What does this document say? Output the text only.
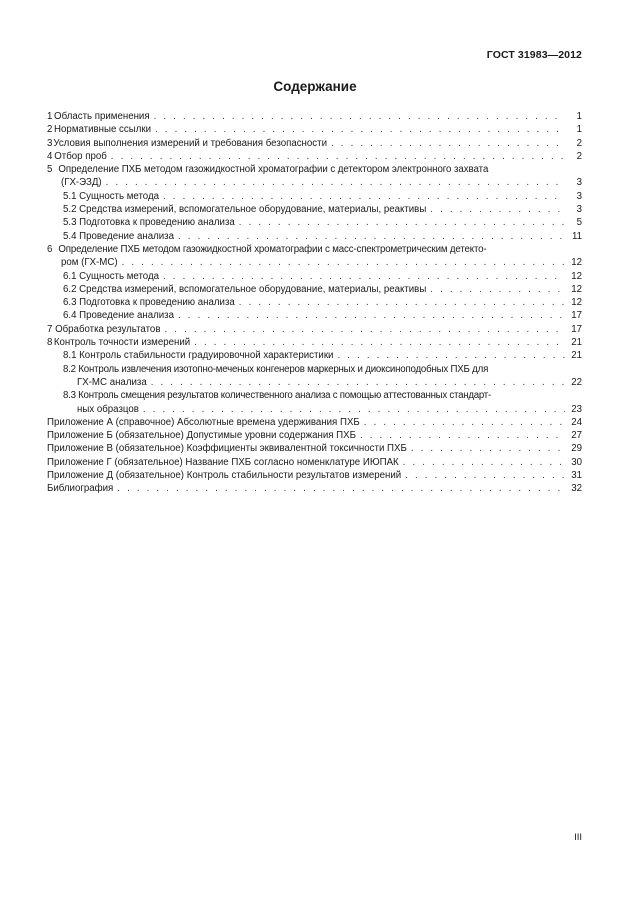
ГОСТ 31983—2012
Содержание
1 Область применения . . .	1
2 Нормативные ссылки . . .	1
3 Условия выполнения измерений и требования безопасности . . .	2
4 Отбор проб . . .	2
5 Определение ПХБ методом газожидкостной хроматографии с детектором электронного захвата
(ГХ-ЭЗД) . . .	3
5.1 Сущность метода . . .	3
5.2 Средства измерений, вспомогательное оборудование, материалы, реактивы . . .	3
5.3 Подготовка к проведению анализа . . .	5
5.4 Проведение анализа . . .	11
6 Определение ПХБ методом газожидкостной хроматографии с масс-спектрометрическим детекто-
ром (ГХ-МС) . . .	12
6.1 Сущность метода . . .	12
6.2 Средства измерений, вспомогательное оборудование, материалы, реактивы . . .	12
6.3 Подготовка к проведению анализа . . .	12
6.4 Проведение анализа . . .	17
7 Обработка результатов . . .	17
8 Контроль точности измерений . . .	21
8.1 Контроль стабильности градуировочной характеристики . . .	21
8.2 Контроль извлечения изотопно-меченых конгенеров маркерных и диоксиноподобных ПХБ для
ГХ-МС анализа . . .	22
8.3 Контроль смещения результатов количественного анализа с помощью аттестованных стандарт-
ных образцов . . .	23
Приложение А (справочное) Абсолютные времена удерживания ПХБ . . .	24
Приложение Б (обязательное) Допустимые уровни содержания ПХБ . . .	27
Приложение В (обязательное) Коэффициенты эквивалентной токсичности ПХБ . . .	29
Приложение Г (обязательное) Название ПХБ согласно номенклатуре ИЮПАК . . .	30
Приложение Д (обязательное) Контроль стабильности результатов измерений . . .	31
Библиография . . .	32
III
